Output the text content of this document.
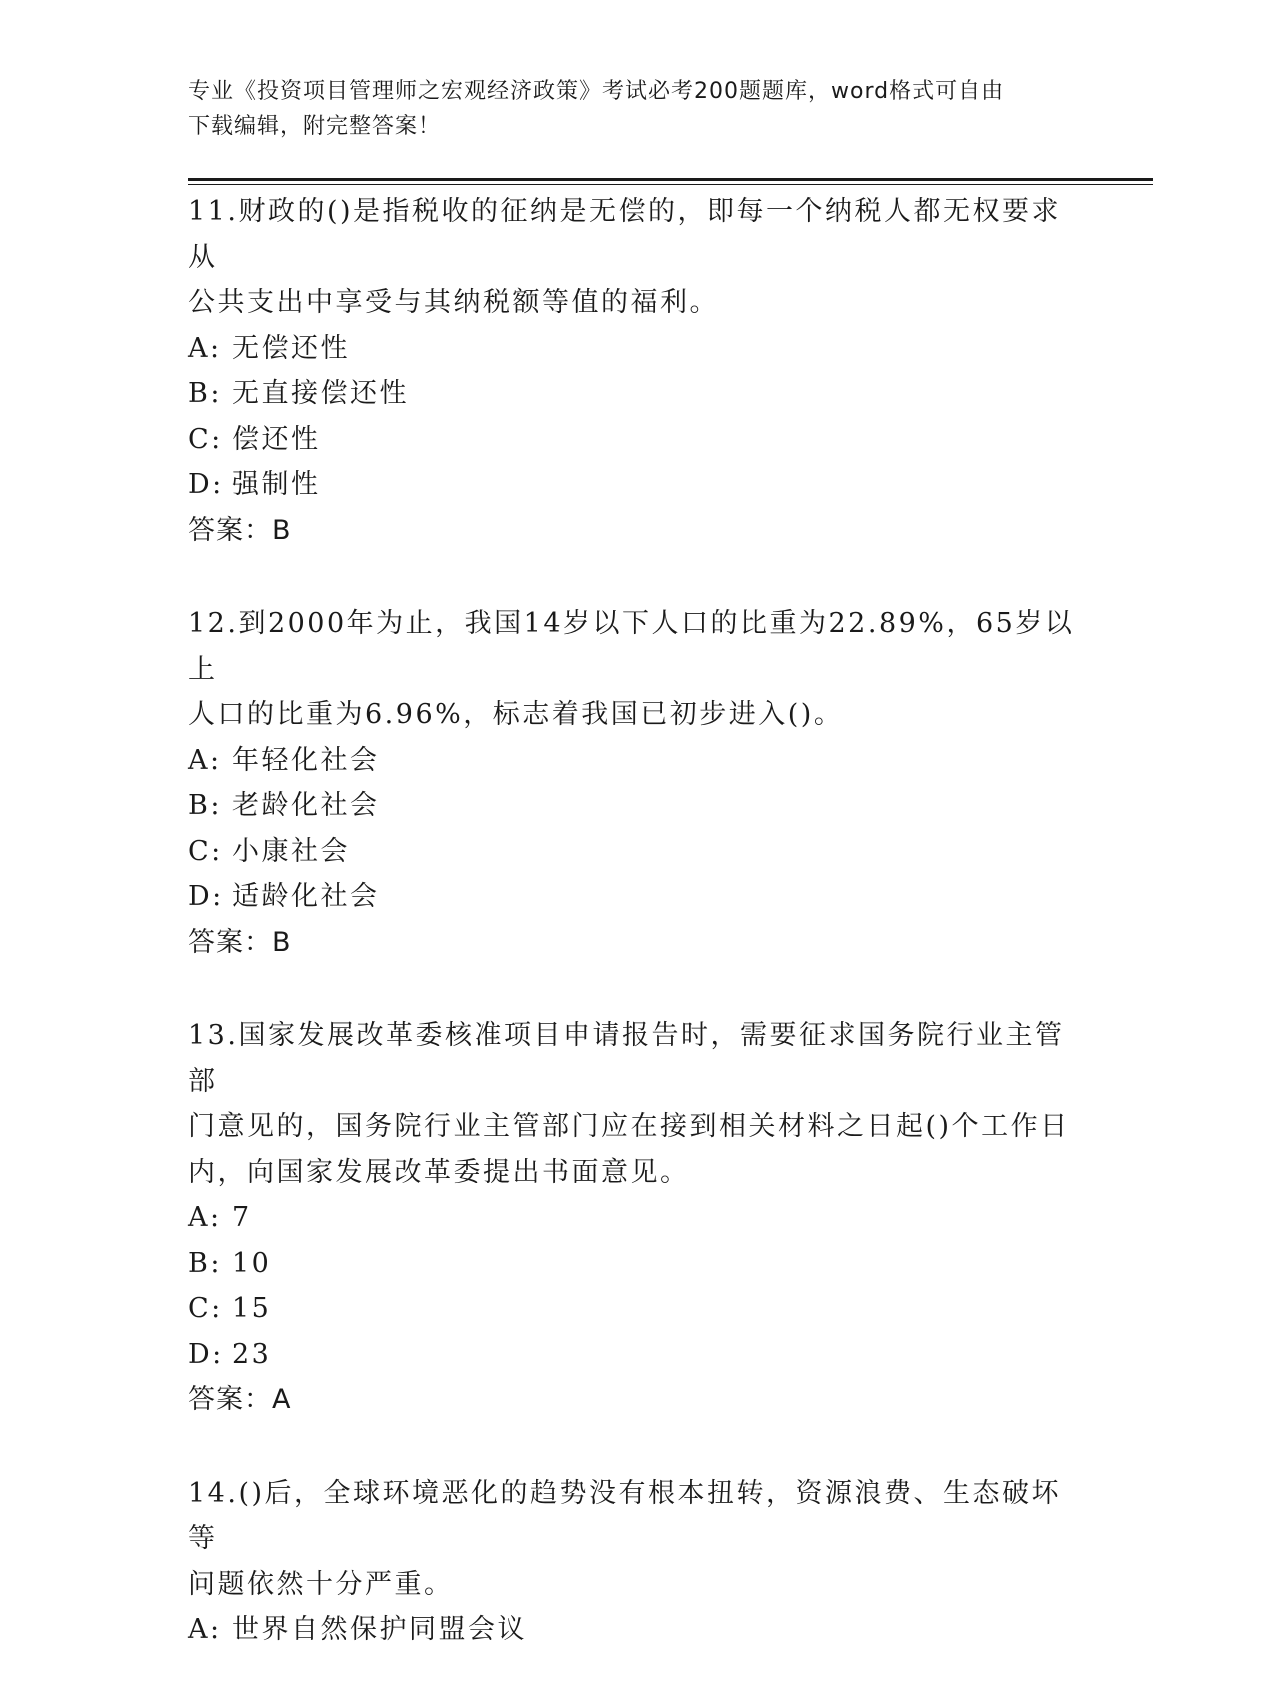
专业《投资项目管理师之宏观经济政策》考试必考200题题库，word格式可自由
下载编辑，附完整答案！
11.财政的()是指税收的征纳是无偿的，即每一个纳税人都无权要求从
公共支出中享受与其纳税额等值的福利。
A: 无偿还性
B: 无直接偿还性
C: 偿还性
D: 强制性
答案：B
12.到2000年为止，我国14岁以下人口的比重为22.89%，65岁以上
人口的比重为6.96%，标志着我国已初步进入()。
A: 年轻化社会
B: 老龄化社会
C: 小康社会
D: 适龄化社会
答案：B
13.国家发展改革委核准项目申请报告时，需要征求国务院行业主管部
门意见的，国务院行业主管部门应在接到相关材料之日起()个工作日
内，向国家发展改革委提出书面意见。
A: 7
B: 10
C: 15
D: 23
答案：A
14.()后，全球环境恶化的趋势没有根本扭转，资源浪费、生态破坏等
问题依然十分严重。
A: 世界自然保护同盟会议
